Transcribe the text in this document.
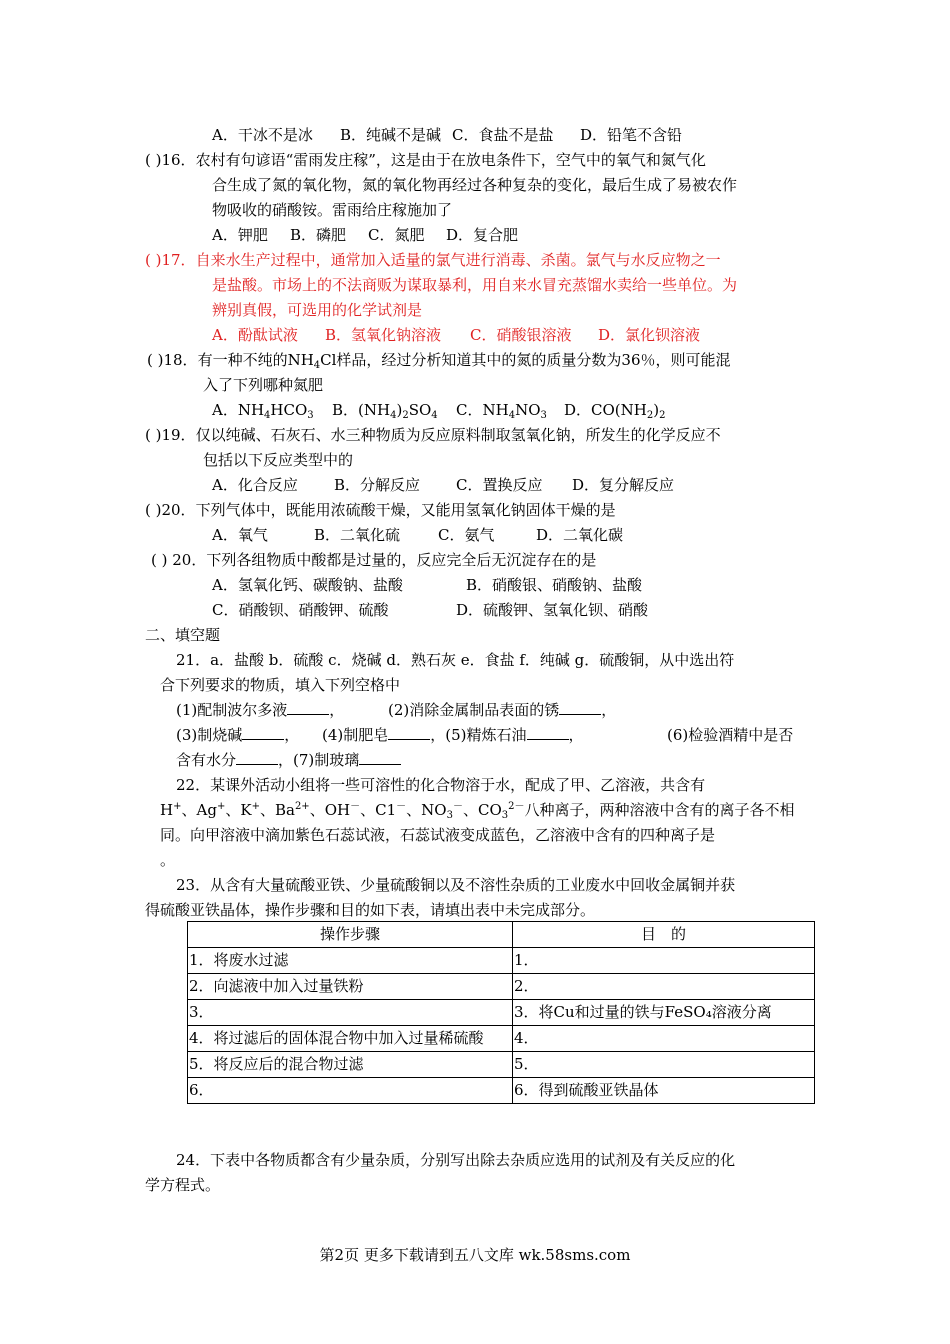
A．干冰不是冰 B．纯碱不是碱 C．食盐不是盐 D．铅笔不含铅
( )16．农村有句谚语“雷雨发庄稼”，这是由于在放电条件下，空气中的氧气和氮气化
合生成了氮的氧化物，氮的氧化物再经过各种复杂的变化，最后生成了易被农作
物吸收的硝酸铵。雷雨给庄稼施加了
A．钾肥 B．磷肥 C．氮肥 D．复合肥
( )17．自来水生产过程中，通常加入适量的氯气进行消毒、杀菌。氯气与水反应物之一
是盐酸。市场上的不法商贩为谋取暴利，用自来水冒充蒸馏水卖给一些单位。为
辨别真假，可选用的化学试剂是
A．酚酞试液 B．氢氧化钠溶液 C．硝酸银溶液 D．氯化钡溶液
( )18．有一种不纯的$NH_4Cl$样品，经过分析知道其中的氮的质量分数为36％，则可能混
入了下列哪种氮肥
A．$NH_4HCO_3$ B．$(NH_4)_2SO_4$ C．$NH_4NO_3$ D．$CO(NH_2)_2$
( )19．仅以纯碱、石灰石、水三种物质为反应原料制取氢氧化钠，所发生的化学反应不
包括以下反应类型中的
A．化合反应 B．分解反应 C．置换反应 D．复分解反应
( )20．下列气体中，既能用浓硫酸干燥，又能用氢氧化钠固体干燥的是
A．氧气	B．二氧化硫	C．氨气	D．二氧化碳
( ) 20．下列各组物质中酸都是过量的，反应完全后无沉淀存在的是
A．氢氧化钙、碳酸钠、盐酸	B．硝酸银、硝酸钠、盐酸
C．硝酸钡、硝酸钾、硫酸	D．硫酸钾、氢氧化钡、硝酸
二、填空题
21．a．盐酸 b．硫酸 c．烧碱 d．熟石灰 e．食盐 f．纯碱 g．硫酸铜，从中选出符
合下列要求的物质，填入下列空格中
(1)配制波尔多液	，	(2)消除金属制品表面的锈	，
(3)制烧碱	， (4)制肥皂	，(5)精炼石油	，	(6)检验酒精中是否
含有水分	，(7)制玻璃
22．某课外活动小组将一些可溶性的化合物溶于水，配成了甲、乙溶液，共含有
H+、Ag+、K+、$Ba^{2+}$、OH－、C1－、$NO_3^-$、$CO_3^{2-}$八种离子，两种溶液中含有的离子各不相
同。向甲溶液中滴加紫色石蕊试液，石蕊试液变成蓝色，乙溶液中含有的四种离子是
。
23．从含有大量硫酸亚铁、少量硫酸铜以及不溶性杂质的工业废水中回收金属铜并获
得硫酸亚铁晶体，操作步骤和目的如下表，请填出表中未完成部分。
操作步骤	目　的
1．将废水过滤	1．
2．向滤液中加入过量铁粉	2．
3．	3．将Cu和过量的铁与FeSO₄溶液分离
4．将过滤后的固体混合物中加入过量稀硫酸	4．
5．将反应后的混合物过滤	5．
6．	6．得到硫酸亚铁晶体
24．下表中各物质都含有少量杂质，分别写出除去杂质应选用的试剂及有关反应的化
学方程式。
第2页 更多下载请到五八文库 wk.58sms.com
